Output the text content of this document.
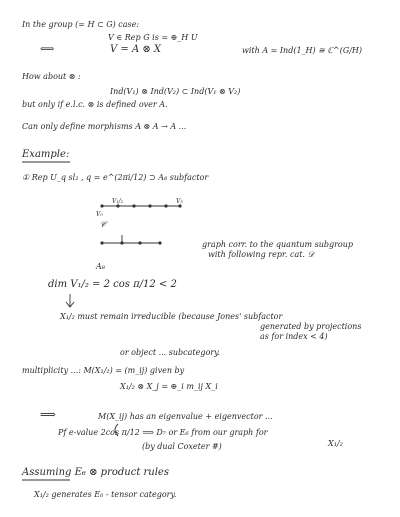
In the group (= H ⊂ G) case:
V ∈ Rep G is = ⊕_H U
⟺	V = A ⊗ X	with A = Ind(1_H) ≅ ℂ^(G/H)
How about ⊗ :
Ind(V₁) ⊗ Ind(V₂) ⊂ Ind(V₁ ⊗ V₂)
but only if e.l.c. ⊗ is defined over A.
Can only define morphisms A ⊗ A → A ...
Example:
① Rep U_q sl₂ , q = e^(2πi/12) ⊃ A₈ subfactor
V₀
V₁/₂	V₅
𝒞
graph corr. to the quantum subgroup
with following repr. cat. 𝒟
A₈
dim V₁/₂ = 2 cos π/12 < 2
X₁/₂ must remain irreducible (because Jones' subfactor
generated by projections
as for index < 4)
or object ... subcategory.
multiplicity ...: M(X₁/₂) = (m_ij) given by
X₁/₂ ⊗ X_j = ⊕_i m_ij X_i
⟹	M(X_ij) has an eigenvalue + eigenvector ...
Pf e-value 2cos π/12 ⟹ D₇ or E₆ from our graph for
X₁/₂
(by dual Coxeter #)
Assuming E₆ ⊗ product rules
X₁/₂ generates E₆ - tensor category.
